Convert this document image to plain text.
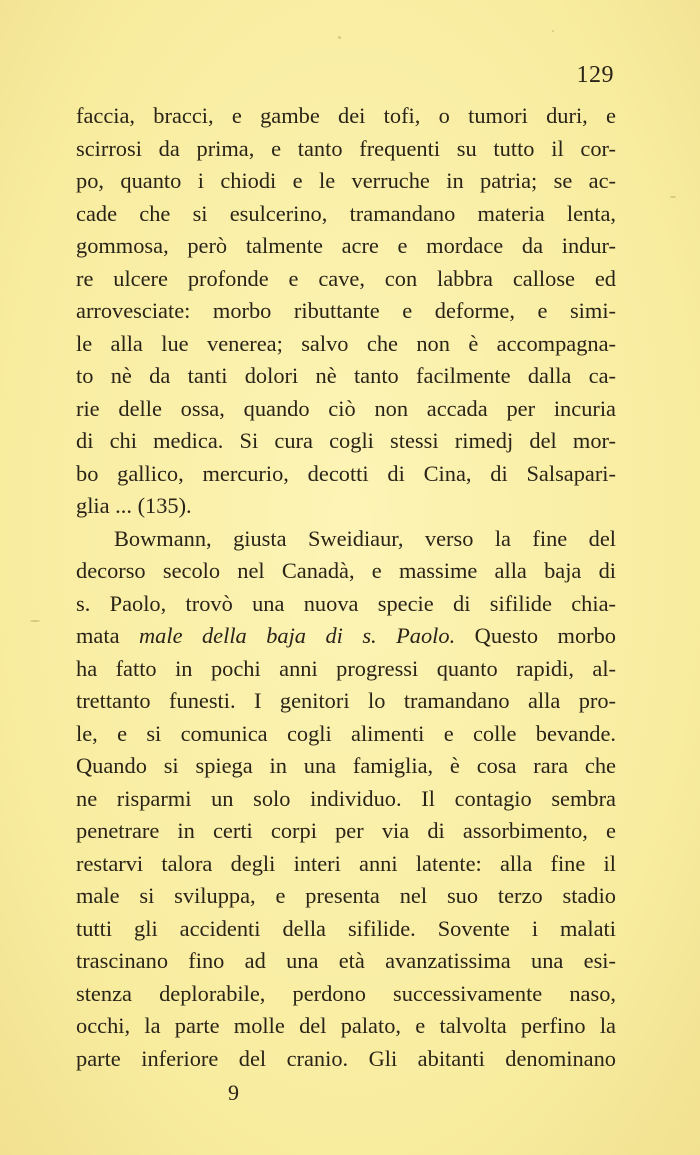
129
faccia, bracci, e gambe dei tofi, o tumori duri, e
scirrosi da prima, e tanto frequenti su tutto il cor-
po, quanto i chiodi e le verruche in patria; se ac-
cade che si esulcerino, tramandano materia lenta,
gommosa, però talmente acre e mordace da indur-
re ulcere profonde e cave, con labbra callose ed
arrovesciate: morbo ributtante e deforme, e simi-
le alla lue venerea; salvo che non è accompagna-
to nè da tanti dolori nè tanto facilmente dalla ca-
rie delle ossa, quando ciò non accada per incuria
di chi medica. Si cura cogli stessi rimedj del mor-
bo gallico, mercurio, decotti di Cina, di Salsapari-
glia ... (135).
Bowmann, giusta Sweidiaur, verso la fine del
decorso secolo nel Canadà, e massime alla baja di
s. Paolo, trovò una nuova specie di sifilide chia-
mata male della baja di s. Paolo. Questo morbo
ha fatto in pochi anni progressi quanto rapidi, al-
trettanto funesti. I genitori lo tramandano alla pro-
le, e si comunica cogli alimenti e colle bevande.
Quando si spiega in una famiglia, è cosa rara che
ne risparmi un solo individuo. Il contagio sembra
penetrare in certi corpi per via di assorbimento, e
restarvi talora degli interi anni latente: alla fine il
male si sviluppa, e presenta nel suo terzo stadio
tutti gli accidenti della sifilide. Sovente i malati
trascinano fino ad una età avanzatissima una esi-
stenza deplorabile, perdono successivamente naso,
occhi, la parte molle del palato, e talvolta perfino la
parte inferiore del cranio. Gli abitanti denominano
9
